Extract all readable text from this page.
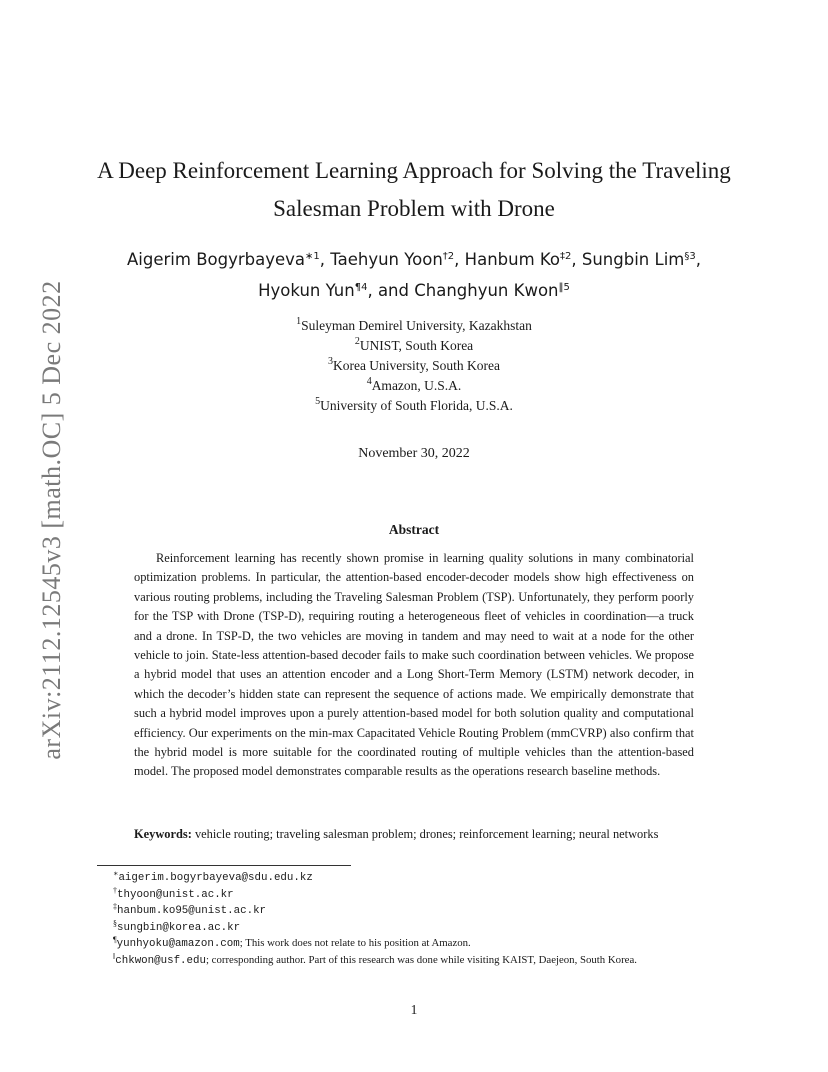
arXiv:2112.12545v3 [math.OC] 5 Dec 2022
A Deep Reinforcement Learning Approach for Solving the Traveling
Salesman Problem with Drone
Aigerim Bogyrbayeva$^{∗1}$, Taehyun Yoon$^{\dagger 2}$, Hanbum Ko$^{\ddagger 2}$, Sungbin Lim$^{\S 3}$,
Hyokun Yun$^{\P 4}$, and Changhyun Kwon$^{‖5}$
$^1$Suleyman Demirel University, Kazakhstan
$^2$UNIST, South Korea
$^3$Korea University, South Korea
$^4$Amazon, U.S.A.
$^5$University of South Florida, U.S.A.
November 30, 2022
Abstract

Reinforcement learning has recently shown promise in learning quality solutions in many combinatorial optimization problems. In particular, the attention-based encoder-decoder models show high effectiveness on various routing problems, including the Traveling Salesman Problem (TSP). Unfortunately, they perform poorly for the TSP with Drone (TSP-D), requiring routing a heterogeneous fleet of vehicles in coordination—a truck and a drone. In TSP-D, the two vehicles are moving in tandem and may need to wait at a node for the other vehicle to join. State-less attention-based decoder fails to make such coordination between vehicles. We propose a hybrid model that uses an attention encoder and a Long Short-Term Memory (LSTM) network decoder, in which the decoder’s hidden state can represent the sequence of actions made. We empirically demonstrate that such a hybrid model improves upon a purely attention-based model for both solution quality and computational efficiency. Our experiments on the min-max Capacitated Vehicle Routing Problem (mmCVRP) also confirm that the hybrid model is more suitable for the coordinated routing of multiple vehicles than the attention-based model. The proposed model demonstrates comparable results as the operations research baseline methods.

Keywords: vehicle routing; traveling salesman problem; drones; reinforcement learning; neural networks
∗aigerim.bogyrbayeva@sdu.edu.kz
†thyoon@unist.ac.kr
‡hanbum.ko95@unist.ac.kr
§sungbin@korea.ac.kr
¶yunhyoku@amazon.com; This work does not relate to his position at Amazon.
‖chkwon@usf.edu; corresponding author. Part of this research was done while visiting KAIST, Daejeon, South Korea.
1
